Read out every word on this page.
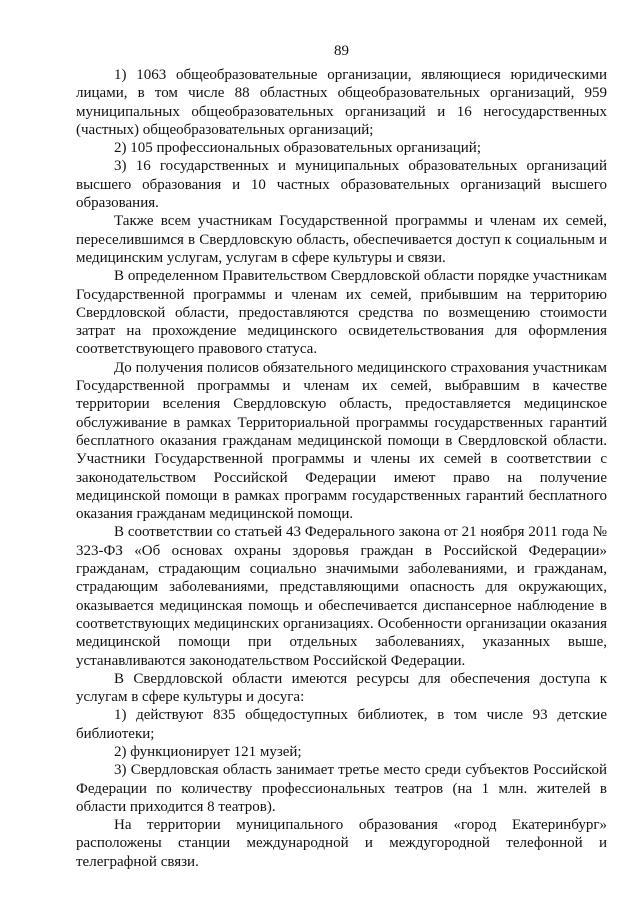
89

1) 1063 общеобразовательные организации, являющиеся юридическими лицами, в том числе 88 областных общеобразовательных организаций, 959 муниципальных общеобразовательных организаций и 16 негосударственных (частных) общеобразовательных организаций;

2) 105 профессиональных образовательных организаций;

3) 16 государственных и муниципальных образовательных организаций высшего образования и 10 частных образовательных организаций высшего образования.

Также всем участникам Государственной программы и членам их семей, переселившимся в Свердловскую область, обеспечивается доступ к социальным и медицинским услугам, услугам в сфере культуры и связи.

В определенном Правительством Свердловской области порядке участникам Государственной программы и членам их семей, прибывшим на территорию Свердловской области, предоставляются средства по возмещению стоимости затрат на прохождение медицинского освидетельствования для оформления соответствующего правового статуса.

До получения полисов обязательного медицинского страхования участникам Государственной программы и членам их семей, выбравшим в качестве территории вселения Свердловскую область, предоставляется медицинское обслуживание в рамках Территориальной программы государственных гарантий бесплатного оказания гражданам медицинской помощи в Свердловской области. Участники Государственной программы и члены их семей в соответствии с законодательством Российской Федерации имеют право на получение медицинской помощи в рамках программ государственных гарантий бесплатного оказания гражданам медицинской помощи.

В соответствии со статьей 43 Федерального закона от 21 ноября 2011 года № 323-ФЗ «Об основах охраны здоровья граждан в Российской Федерации» гражданам, страдающим социально значимыми заболеваниями, и гражданам, страдающим заболеваниями, представляющими опасность для окружающих, оказывается медицинская помощь и обеспечивается диспансерное наблюдение в соответствующих медицинских организациях. Особенности организации оказания медицинской помощи при отдельных заболеваниях, указанных выше, устанавливаются законодательством Российской Федерации.

В Свердловской области имеются ресурсы для обеспечения доступа к услугам в сфере культуры и досуга:

1) действуют 835 общедоступных библиотек, в том числе 93 детские библиотеки;

2) функционирует 121 музей;

3) Свердловская область занимает третье место среди субъектов Российской Федерации по количеству профессиональных театров (на 1 млн. жителей в области приходится 8 театров).

На территории муниципального образования «город Екатеринбург» расположены станции международной и междугородной телефонной и телеграфной связи.
